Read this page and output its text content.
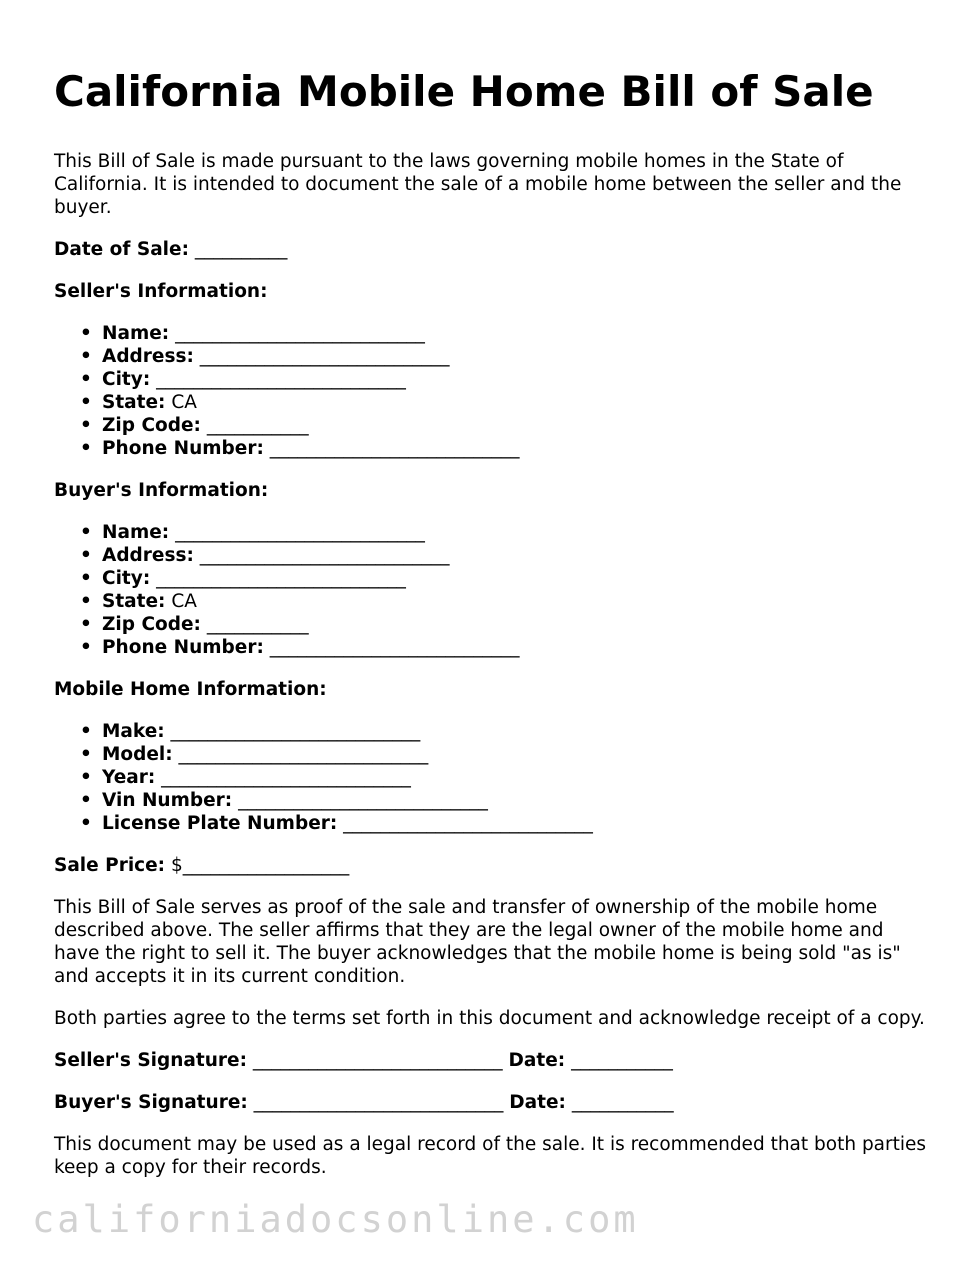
California Mobile Home Bill of Sale

This Bill of Sale is made pursuant to the laws governing mobile homes in the State of California. It is intended to document the sale of a mobile home between the seller and the buyer.

Date of Sale: __________
Seller's Information:
• Name: ___________________________
• Address: ___________________________
• City: ___________________________
• State: CA
• Zip Code: ___________
• Phone Number: ___________________________
Buyer's Information:
• Name: ___________________________
• Address: ___________________________
• City: ___________________________
• State: CA
• Zip Code: ___________
• Phone Number: ___________________________
Mobile Home Information:
• Make: ___________________________
• Model: ___________________________
• Year: ___________________________
• Vin Number: ___________________________
• License Plate Number: ___________________________
Sale Price: $__________________

This Bill of Sale serves as proof of the sale and transfer of ownership of the mobile home described above. The seller affirms that they are the legal owner of the mobile home and have the right to sell it. The buyer acknowledges that the mobile home is being sold "as is" and accepts it in its current condition.

Both parties agree to the terms set forth in this document and acknowledge receipt of a copy.

Seller's Signature: ___________________________ Date: ___________
Buyer's Signature: ___________________________ Date: ___________

This document may be used as a legal record of the sale. It is recommended that both parties keep a copy for their records.

californiadocsonline.com
